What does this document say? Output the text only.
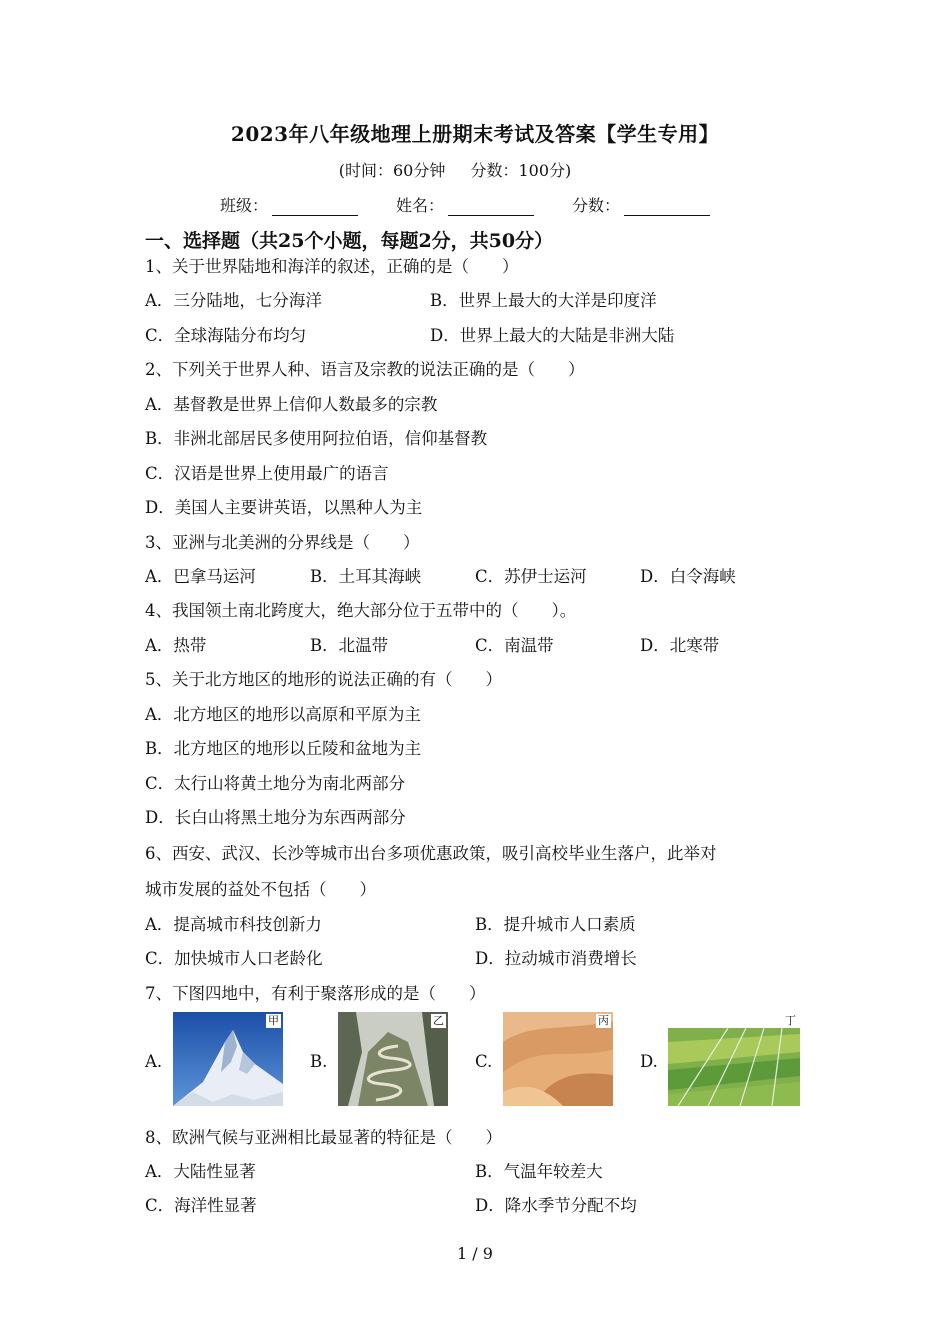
2023年八年级地理上册期末考试及答案【学生专用】
(时间：60分钟 分数：100分)
班级：	姓名：	分数：
一、选择题（共25个小题，每题2分，共50分）
1、关于世界陆地和海洋的叙述，正确的是（　　）
A．三分陆地，七分海洋	B．世界上最大的大洋是印度洋
C．全球海陆分布均匀	D．世界上最大的大陆是非洲大陆
2、下列关于世界人种、语言及宗教的说法正确的是（　　）
A．基督教是世界上信仰人数最多的宗教
B．非洲北部居民多使用阿拉伯语，信仰基督教
C．汉语是世界上使用最广的语言
D．美国人主要讲英语，以黑种人为主
3、亚洲与北美洲的分界线是（　　）
A．巴拿马运河	B．土耳其海峡	C．苏伊士运河	D．白令海峡
4、我国领土南北跨度大，绝大部分位于五带中的（　　）。
A．热带	B．北温带	C．南温带	D．北寒带
5、关于北方地区的地形的说法正确的有（　　）
A．北方地区的地形以高原和平原为主
B．北方地区的地形以丘陵和盆地为主
C．太行山将黄土地分为南北两部分
D．长白山将黑土地分为东西两部分
6、西安、武汉、长沙等城市出台多项优惠政策，吸引高校毕业生落户，此举对
城市发展的益处不包括（　　）
A．提高城市科技创新力	B．提升城市人口素质
C．加快城市人口老龄化	D．拉动城市消费增长
7、下图四地中，有利于聚落形成的是（　　）
A.
甲
B.
乙
C.
丙
D.
丁
8、欧洲气候与亚洲相比最显著的特征是（　　）
A．大陆性显著	B．气温年较差大
C．海洋性显著	D．降水季节分配不均
1 / 9
